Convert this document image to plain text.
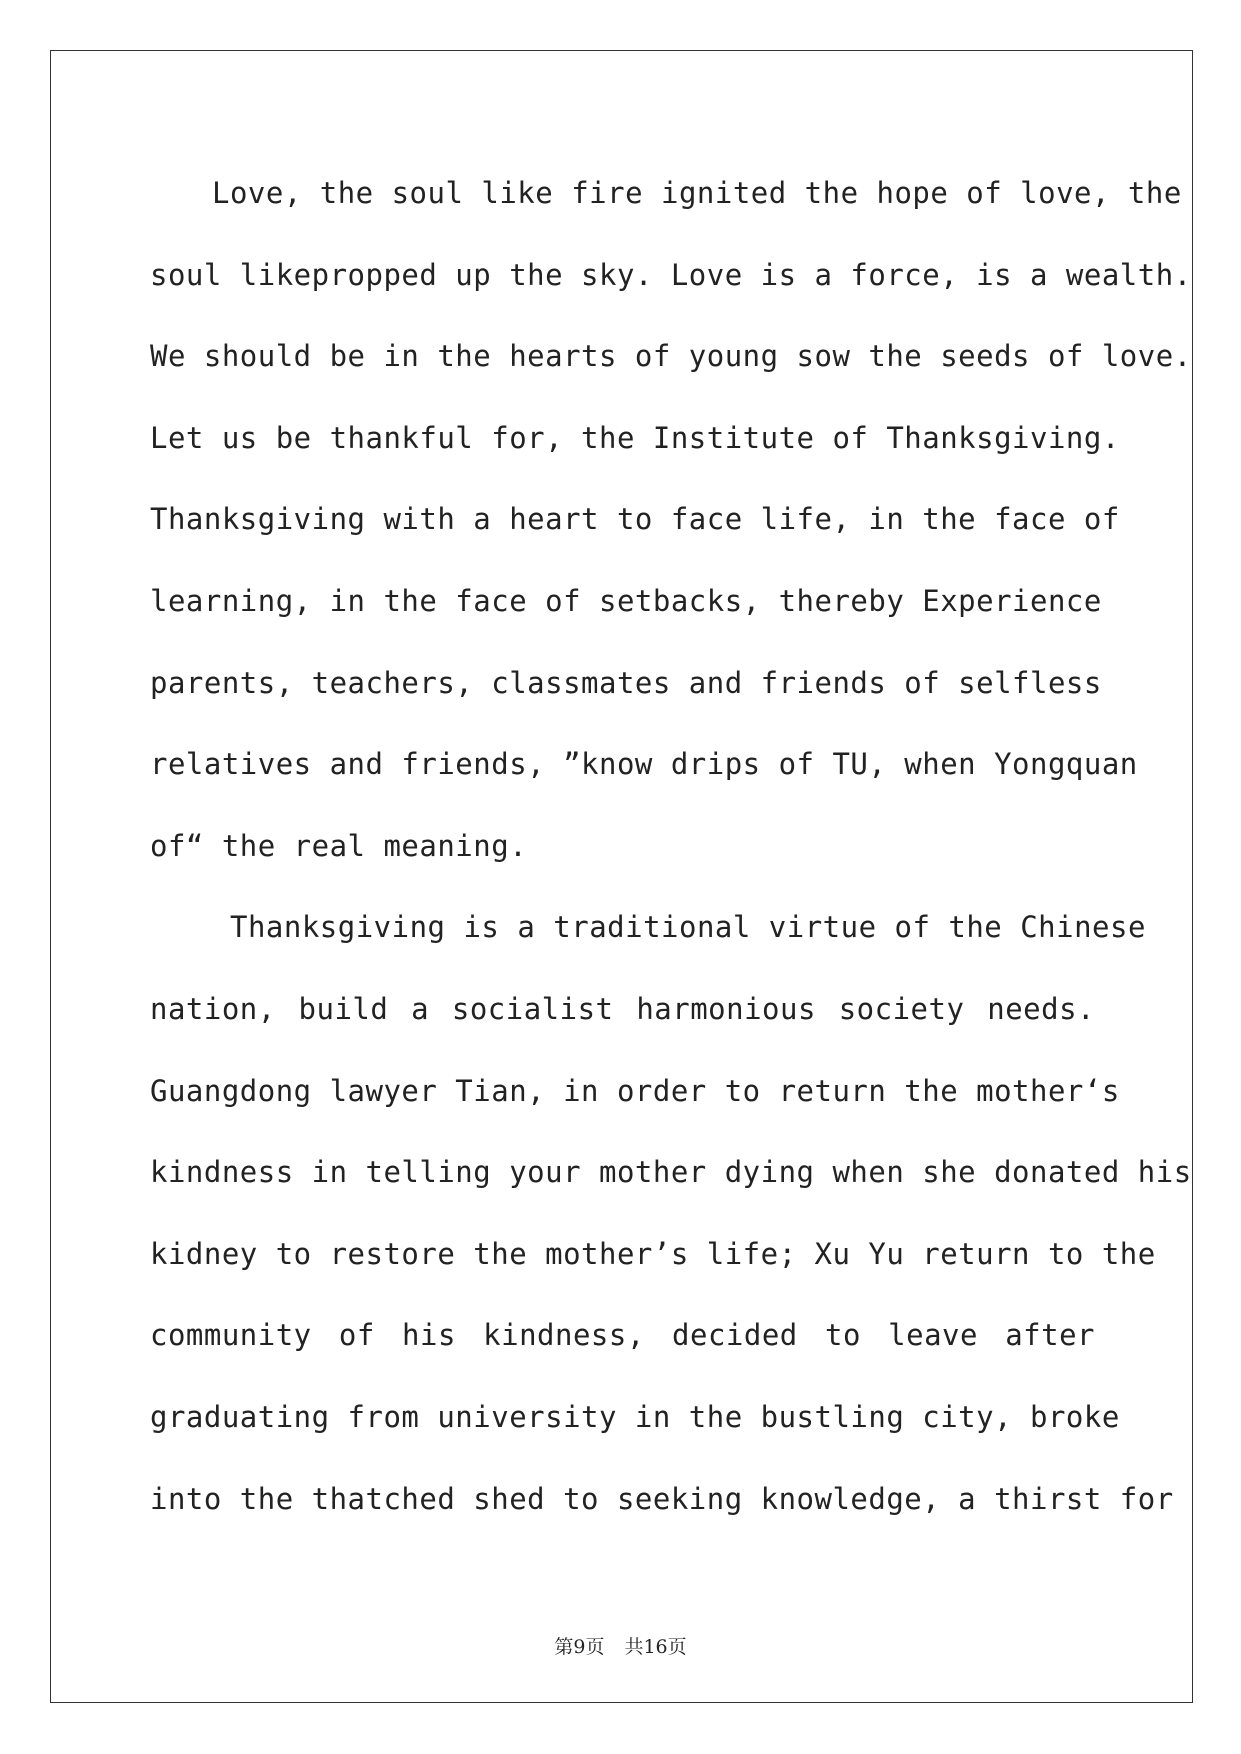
Love, the soul like fire ignited the hope of love, the
soul likepropped up the sky. Love is a force, is a wealth.
We should be in the hearts of young sow the seeds of love.
Let us be thankful for, the Institute of Thanksgiving.
Thanksgiving with a heart to face life, in the face of
learning, in the face of setbacks, thereby Experience
parents, teachers, classmates and friends of selfless
relatives and friends, ”know drips of TU, when Yongquan
of“ the real meaning.
Thanksgiving is a traditional virtue of the Chinese
nation, build a socialist harmonious society needs.
Guangdong lawyer Tian, in order to return the mother‘s
kindness in telling your mother dying when she donated his
kidney to restore the mother’s life; Xu Yu return to the
community of his kindness, decided to leave after
graduating from university in the bustling city, broke
into the thatched shed to seeking knowledge, a thirst for
第9页 共16页
